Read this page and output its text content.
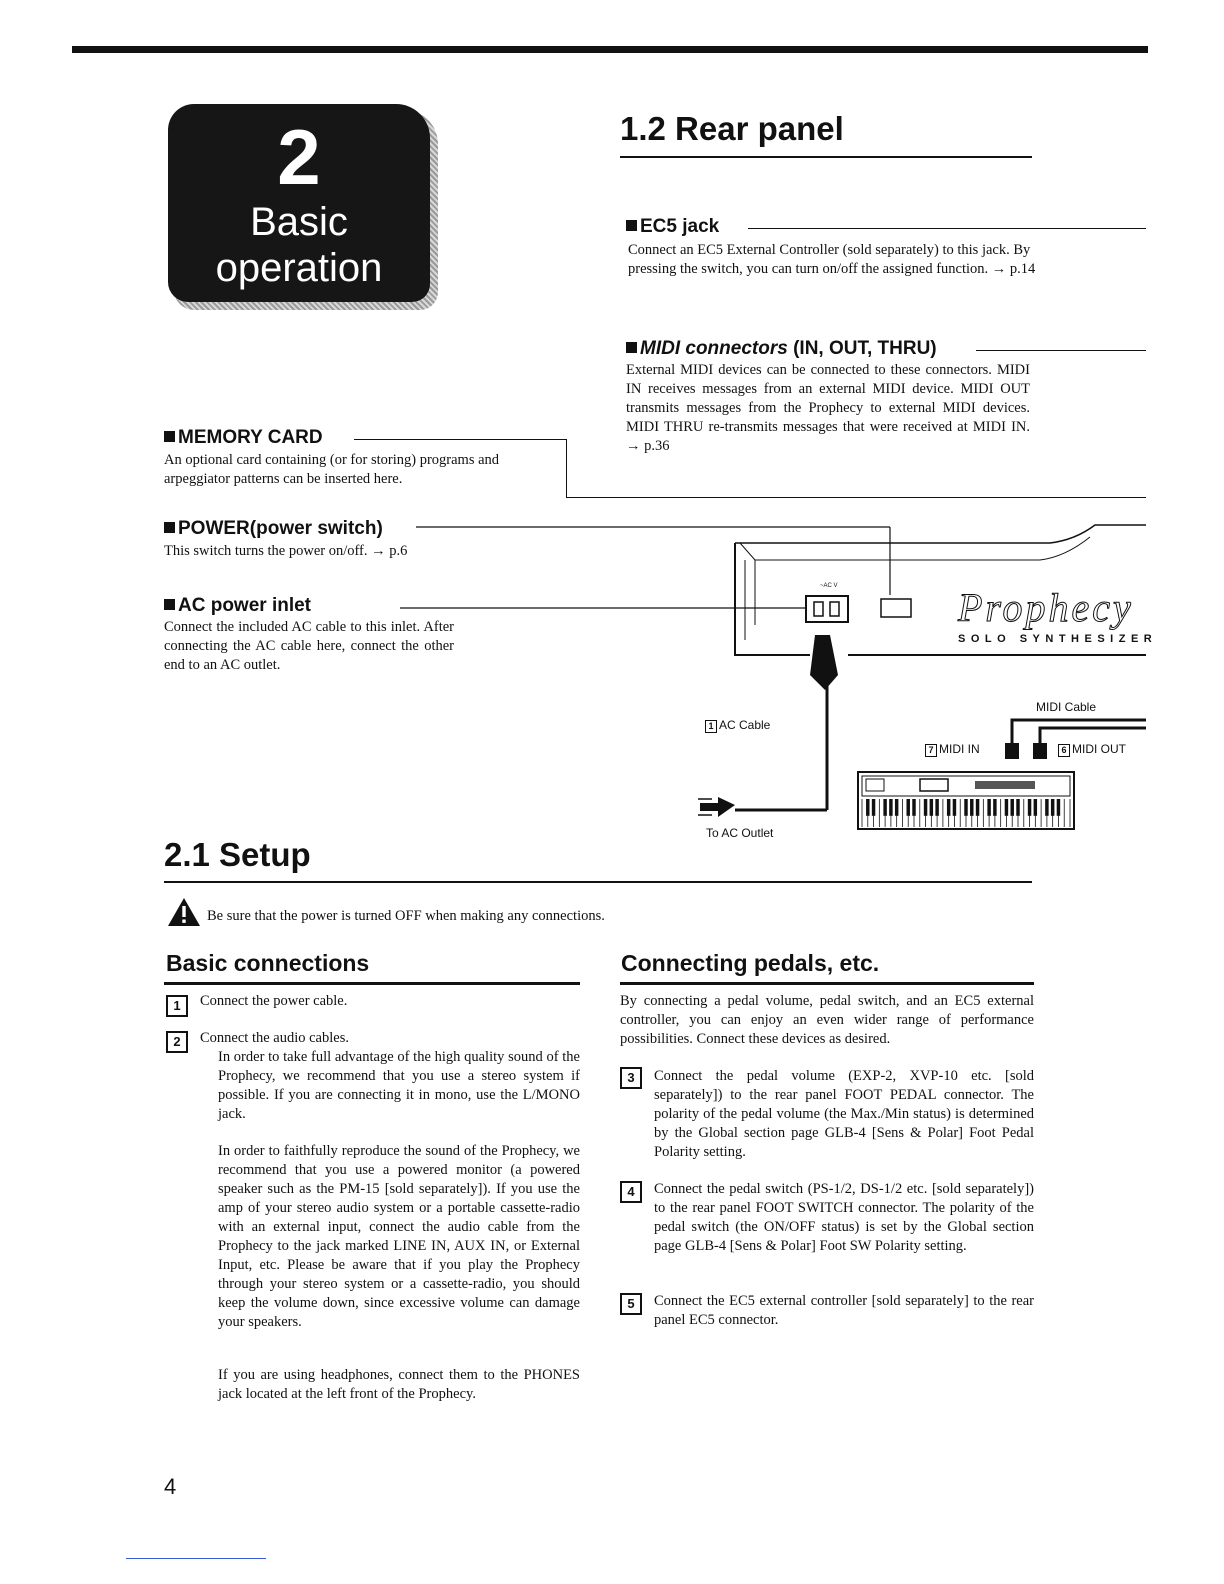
2
Basic
operation
1.2 Rear panel
EC5 jack

Connect an EC5 External Controller (sold separately) to this jack. By pressing the switch, you can turn on/off the assigned function. → p.14

MIDI connectors (IN, OUT, THRU)

External MIDI devices can be connected to these connectors. MIDI IN receives messages from an external MIDI device. MIDI OUT transmits messages from the Prophecy to external MIDI devices. MIDI THRU re-transmits messages that were received at MIDI IN. → p.36

MEMORY CARD

An optional card containing (or for storing) programs and arpeggiator patterns can be inserted here.

POWER(power switch)

This switch turns the power on/off. → p.6

AC power inlet

Connect the included AC cable to this inlet. After connecting the AC cable here, connect the other end to an AC outlet.

Prophecy
SOLO SYNTHESIZER
~AC V
1 AC Cable
MIDI Cable
7 MIDI IN	6 MIDI OUT
To AC Outlet
2.1 Setup
Be sure that the power is turned OFF when making any connections.
Basic connections
1	Connect the power cable.

2	Connect the audio cables.

In order to take full advantage of the high quality sound of the Prophecy, we recommend that you use a stereo system if possible. If you are connecting it in mono, use the L/MONO jack.

In order to faithfully reproduce the sound of the Prophecy, we recommend that you use a powered monitor (a powered speaker such as the PM-15 [sold separately]). If you use the amp of your stereo audio system or a portable cassette-radio with an external input, connect the audio cable from the Prophecy to the jack marked LINE IN, AUX IN, or External Input, etc. Please be aware that if you play the Prophecy through your stereo system or a cassette-radio, you should keep the volume down, since excessive volume can damage your speakers.

If you are using headphones, connect them to the PHONES jack located at the left front of the Prophecy.

Connecting pedals, etc.

By connecting a pedal volume, pedal switch, and an EC5 external controller, you can enjoy an even wider range of performance possibilities. Connect these devices as desired.

3	Connect the pedal volume (EXP-2, XVP-10 etc. [sold separately]) to the rear panel FOOT PEDAL connector. The polarity of the pedal volume (the Max./Min status) is determined by the Global section page GLB-4 [Sens & Polar] Foot Pedal Polarity setting.

4	Connect the pedal switch (PS-1/2, DS-1/2 etc. [sold separately]) to the rear panel FOOT SWITCH connector. The polarity of the pedal switch (the ON/OFF status) is set by the Global section page GLB-4 [Sens & Polar] Foot SW Polarity setting.

5	Connect the EC5 external controller [sold separately] to the rear panel EC5 connector.

4
